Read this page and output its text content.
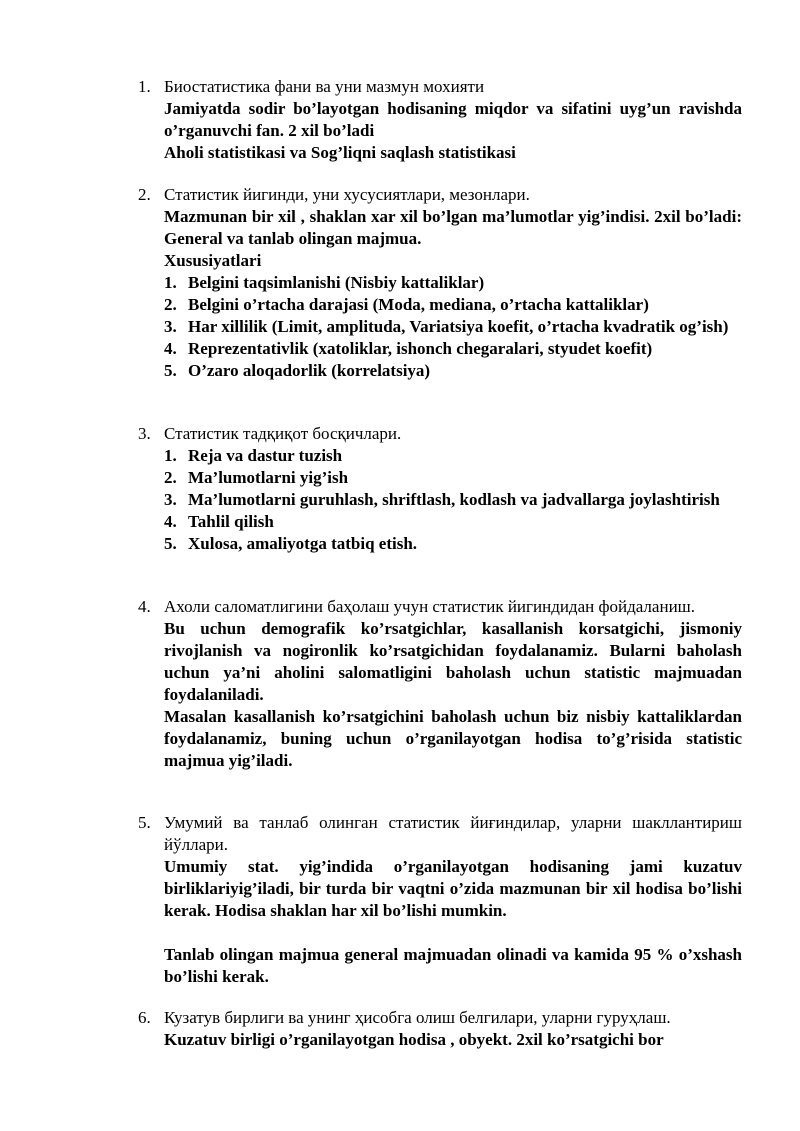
1. Биостатистика фани ва уни мазмун мохияти
Jamiyatda sodir bo’layotgan hodisaning miqdor va sifatini uyg’un ravishda o’rganuvchi fan. 2 xil bo’ladi
Aholi statistikasi va Sog’liqni saqlash statistikasi
2. Статистик йигинди, уни хусусиятлари, мезонлари.
Mazmunan bir xil , shaklan xar xil bo’lgan ma’lumotlar yig’indisi. 2xil bo’ladi: General va tanlab olingan majmua.
Xususiyatlari
1. Belgini taqsimlanishi (Nisbiy kattaliklar)
2. Belgini o’rtacha darajasi (Moda, mediana, o’rtacha kattaliklar)
3. Har xillilik (Limit, amplituda, Variatsiya koefit, o’rtacha kvadratik og’ish)
4. Reprezentativlik (xatoliklar, ishonch chegaralari, styudet koefit)
5. O’zaro aloqadorlik (korrelatsiya)
3. Статистик тадқиқот босқичлари.
1. Reja va dastur tuzish
2. Ma’lumotlarni yig’ish
3. Ma’lumotlarni guruhlash, shriftlash, kodlash va jadvallarga joylashtirish
4. Tahlil qilish
5. Xulosa, amaliyotga tatbiq etish.
4. Ахоли саломатлигини баҳолаш учун статистик йигиндидан фойдаланиш.
Bu uchun demografik ko’rsatgichlar, kasallanish korsatgichi, jismoniy rivojlanish va nogironlik ko’rsatgichidan foydalanamiz. Bularni baholash uchun ya’ni aholini salomatligini baholash uchun statistic majmuadan foydalaniladi.
Masalan kasallanish ko’rsatgichini baholash uchun biz nisbiy kattaliklardan foydalanamiz, buning uchun o’rganilayotgan hodisa to’g’risida statistic majmua yig’iladi.
5. Умумий ва танлаб олинган статистик йиғиндилар, уларни шакллантириш йўллари.
Umumiy stat. yig’indida o’rganilayotgan hodisaning jami kuzatuv birliklariyig’iladi, bir turda bir vaqtni o’zida mazmunan bir xil hodisa bo’lishi kerak. Hodisa shaklan har xil bo’lishi mumkin.
Tanlab olingan majmua general majmuadan olinadi va kamida 95 % o’xshash bo’lishi kerak.
6. Кузатув бирлиги ва унинг ҳисобга олиш белгилари, уларни гуруҳлаш.
Kuzatuv birligi o’rganilayotgan hodisa , obyekt. 2xil ko’rsatgichi bor
